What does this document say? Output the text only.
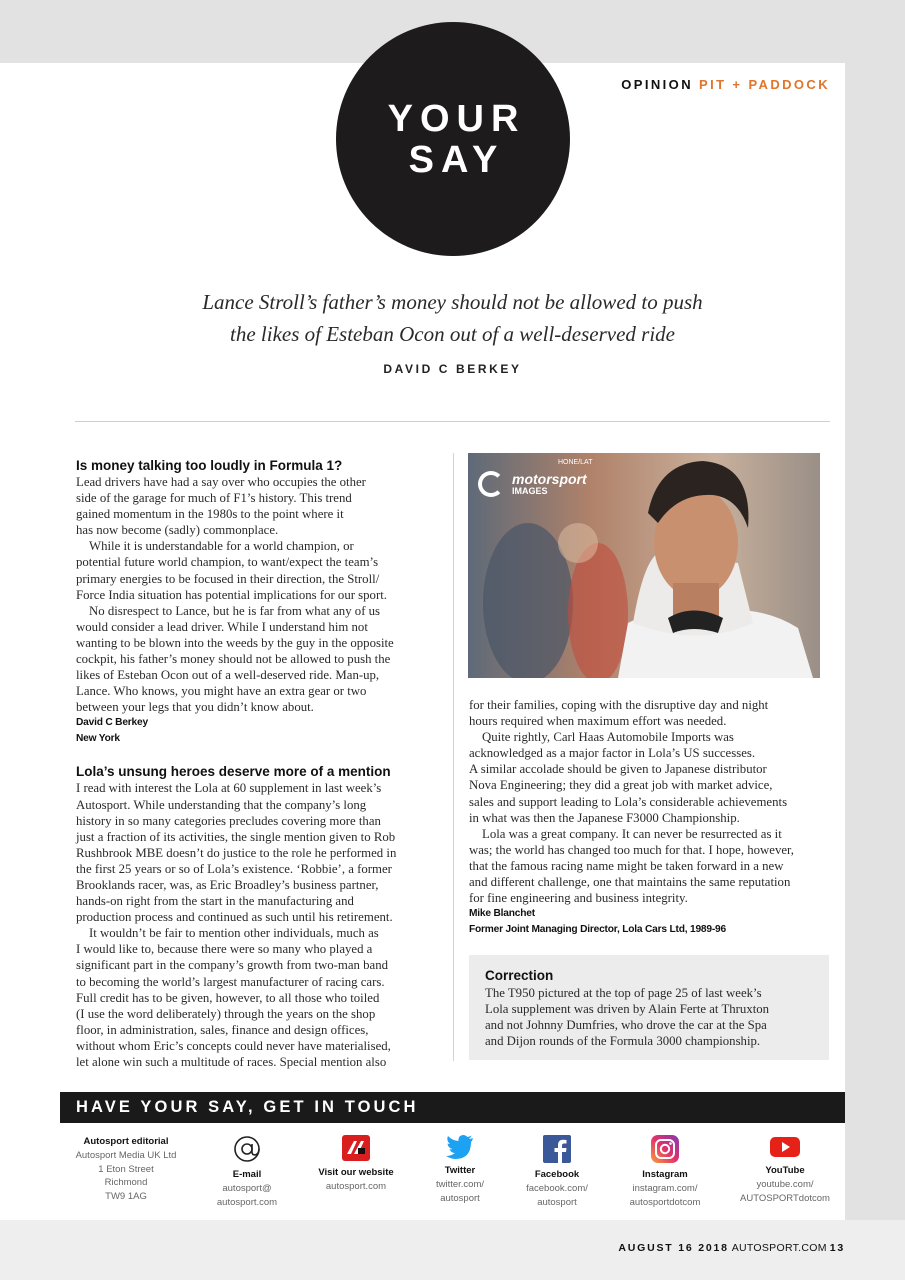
OPINION PIT + PADDOCK
YOUR
SAY
Lance Stroll’s father’s money should not be allowed to push
the likes of Esteban Ocon out of a well-deserved ride
DAVID C BERKEY
Is money talking too loudly in Formula 1?
Lead drivers have had a say over who occupies the other
side of the garage for much of F1’s history. This trend
gained momentum in the 1980s to the point where it
has now become (sadly) commonplace.
While it is understandable for a world champion, or
potential future world champion, to want/expect the team’s
primary energies to be focused in their direction, the Stroll/
Force India situation has potential implications for our sport.
No disrespect to Lance, but he is far from what any of us
would consider a lead driver. While I understand him not
wanting to be blown into the weeds by the guy in the opposite
cockpit, his father’s money should not be allowed to push the
likes of Esteban Ocon out of a well-deserved ride. Man-up,
Lance. Who knows, you might have an extra gear or two
between your legs that you didn’t know about.
David C Berkey
New York
Lola’s unsung heroes deserve more of a mention
I read with interest the Lola at 60 supplement in last week’s
Autosport. While understanding that the company’s long
history in so many categories precludes covering more than
just a fraction of its activities, the single mention given to Rob
Rushbrook MBE doesn’t do justice to the role he performed in
the first 25 years or so of Lola’s existence. ‘Robbie’, a former
Brooklands racer, was, as Eric Broadley’s business partner,
hands-on right from the start in the manufacturing and
production process and continued as such until his retirement.
It wouldn’t be fair to mention other individuals, much as
I would like to, because there were so many who played a
significant part in the company’s growth from two-man band
to becoming the world’s largest manufacturer of racing cars.
Full credit has to be given, however, to all those who toiled
(I use the word deliberately) through the years on the shop
floor, in administration, sales, finance and design offices,
without whom Eric’s concepts could never have materialised,
let alone win such a multitude of races. Special mention also
HONE/LAT
motorsport
IMAGES
for their families, coping with the disruptive day and night
hours required when maximum effort was needed.
Quite rightly, Carl Haas Automobile Imports was
acknowledged as a major factor in Lola’s US successes.
A similar accolade should be given to Japanese distributor
Nova Engineering; they did a great job with market advice,
sales and support leading to Lola’s considerable achievements
in what was then the Japanese F3000 Championship.
Lola was a great company. It can never be resurrected as it
was; the world has changed too much for that. I hope, however,
that the famous racing name might be taken forward in a new
and different challenge, one that maintains the same reputation
for fine engineering and business integrity.
Mike Blanchet
Former Joint Managing Director, Lola Cars Ltd, 1989-96
Correction
The T950 pictured at the top of page 25 of last week’s
Lola supplement was driven by Alain Ferte at Thruxton
and not Johnny Dumfries, who drove the car at the Spa
and Dijon rounds of the Formula 3000 championship.
HAVE YOUR SAY, GET IN TOUCH
Autosport editorial
Autosport Media UK Ltd
1 Eton Street
Richmond
TW9 1AG
E-mail
autosport@
autosport.com
Visit our website
autosport.com
Twitter
twitter.com/
autosport
Facebook
facebook.com/
autosport
Instagram
instagram.com/
autosportdotcom
YouTube
youtube.com/
AUTOSPORTdotcom
AUGUST 16 2018 AUTOSPORT.COM 13
